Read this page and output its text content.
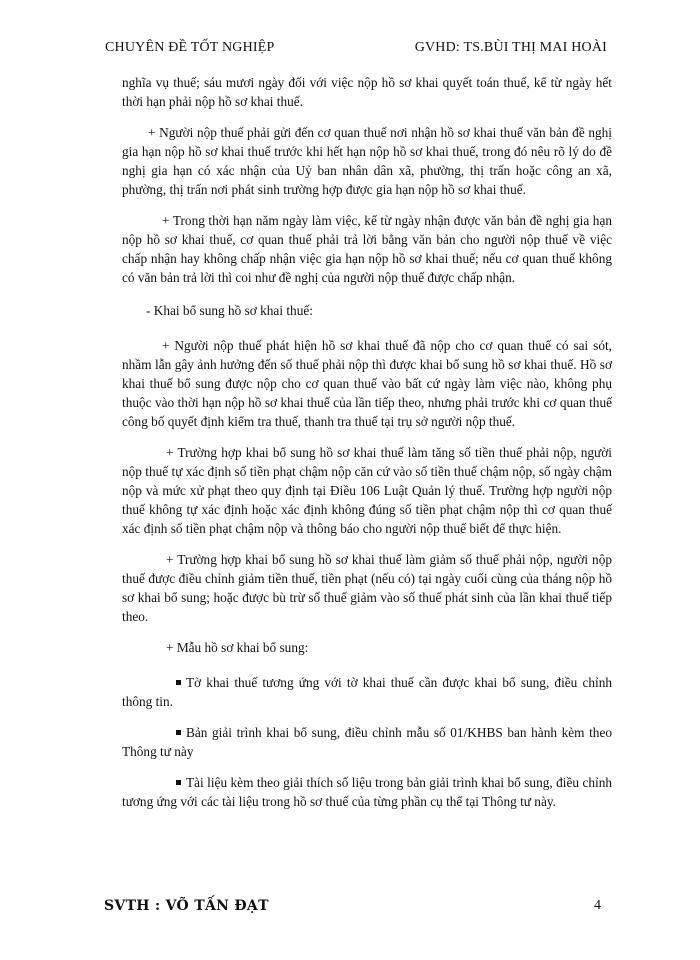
CHUYÊN ĐỀ TỐT NGHIỆP	GVHD: TS.BÙI THỊ MAI HOÀI

nghĩa vụ thuế; sáu mươi ngày đối với việc nộp hồ sơ khai quyết toán thuế, kể từ ngày hết thời hạn phải nộp hồ sơ khai thuế.

+ Người nộp thuế phải gửi đến cơ quan thuế nơi nhận hồ sơ khai thuế văn bản đề nghị gia hạn nộp hồ sơ khai thuế trước khi hết hạn nộp hồ sơ khai thuế, trong đó nêu rõ lý do đề nghị gia hạn có xác nhận của Uỷ ban nhân dân xã, phường, thị trấn hoặc công an xã, phường, thị trấn nơi phát sinh trường hợp được gia hạn nộp hồ sơ khai thuế.

+ Trong thời hạn năm ngày làm việc, kể từ ngày nhận được văn bản đề nghị gia hạn nộp hồ sơ khai thuế, cơ quan thuế phải trả lời bằng văn bản cho người nộp thuế về việc chấp nhận hay không chấp nhận việc gia hạn nộp hồ sơ khai thuế; nếu cơ quan thuế không có văn bản trả lời thì coi như đề nghị của người nộp thuế được chấp nhận.

- Khai bổ sung hồ sơ khai thuế:

+ Người nộp thuế phát hiện hồ sơ khai thuế đã nộp cho cơ quan thuế có sai sót, nhầm lẫn gây ảnh hưởng đến số thuế phải nộp thì được khai bổ sung hồ sơ khai thuế. Hồ sơ khai thuế bổ sung được nộp cho cơ quan thuế vào bất cứ ngày làm việc nào, không phụ thuộc vào thời hạn nộp hồ sơ khai thuế của lần tiếp theo, nhưng phải trước khi cơ quan thuế công bố quyết định kiểm tra thuế, thanh tra thuế tại trụ sở người nộp thuế.

+ Trường hợp khai bổ sung hồ sơ khai thuế làm tăng số tiền thuế phải nộp, người nộp thuế tự xác định số tiền phạt chậm nộp căn cứ vào số tiền thuế chậm nộp, số ngày chậm nộp và mức xử phạt theo quy định tại Điều 106 Luật Quản lý thuế. Trường hợp người nộp thuế không tự xác định hoặc xác định không đúng số tiền phạt chậm nộp thì cơ quan thuế xác định số tiền phạt chậm nộp và thông báo cho người nộp thuế biết để thực hiện.

+ Trường hợp khai bổ sung hồ sơ khai thuế làm giảm số thuế phải nộp, người nộp thuế được điều chỉnh giảm tiền thuế, tiền phạt (nếu có) tại ngày cuối cùng của tháng nộp hồ sơ khai bổ sung; hoặc được bù trừ số thuế giảm vào số thuế phát sinh của lần khai thuế tiếp theo.

+ Mẫu hồ sơ khai bổ sung:

Tờ khai thuế tương ứng với tờ khai thuế cần được khai bổ sung, điều chỉnh thông tin.

Bản giải trình khai bổ sung, điều chỉnh mẫu số 01/KHBS ban hành kèm theo Thông tư này

Tài liệu kèm theo giải thích số liệu trong bản giải trình khai bổ sung, điều chỉnh tương ứng với các tài liệu trong hồ sơ thuế của từng phần cụ thể tại Thông tư này.

SVTH : VÕ TẤN ĐẠT	4
